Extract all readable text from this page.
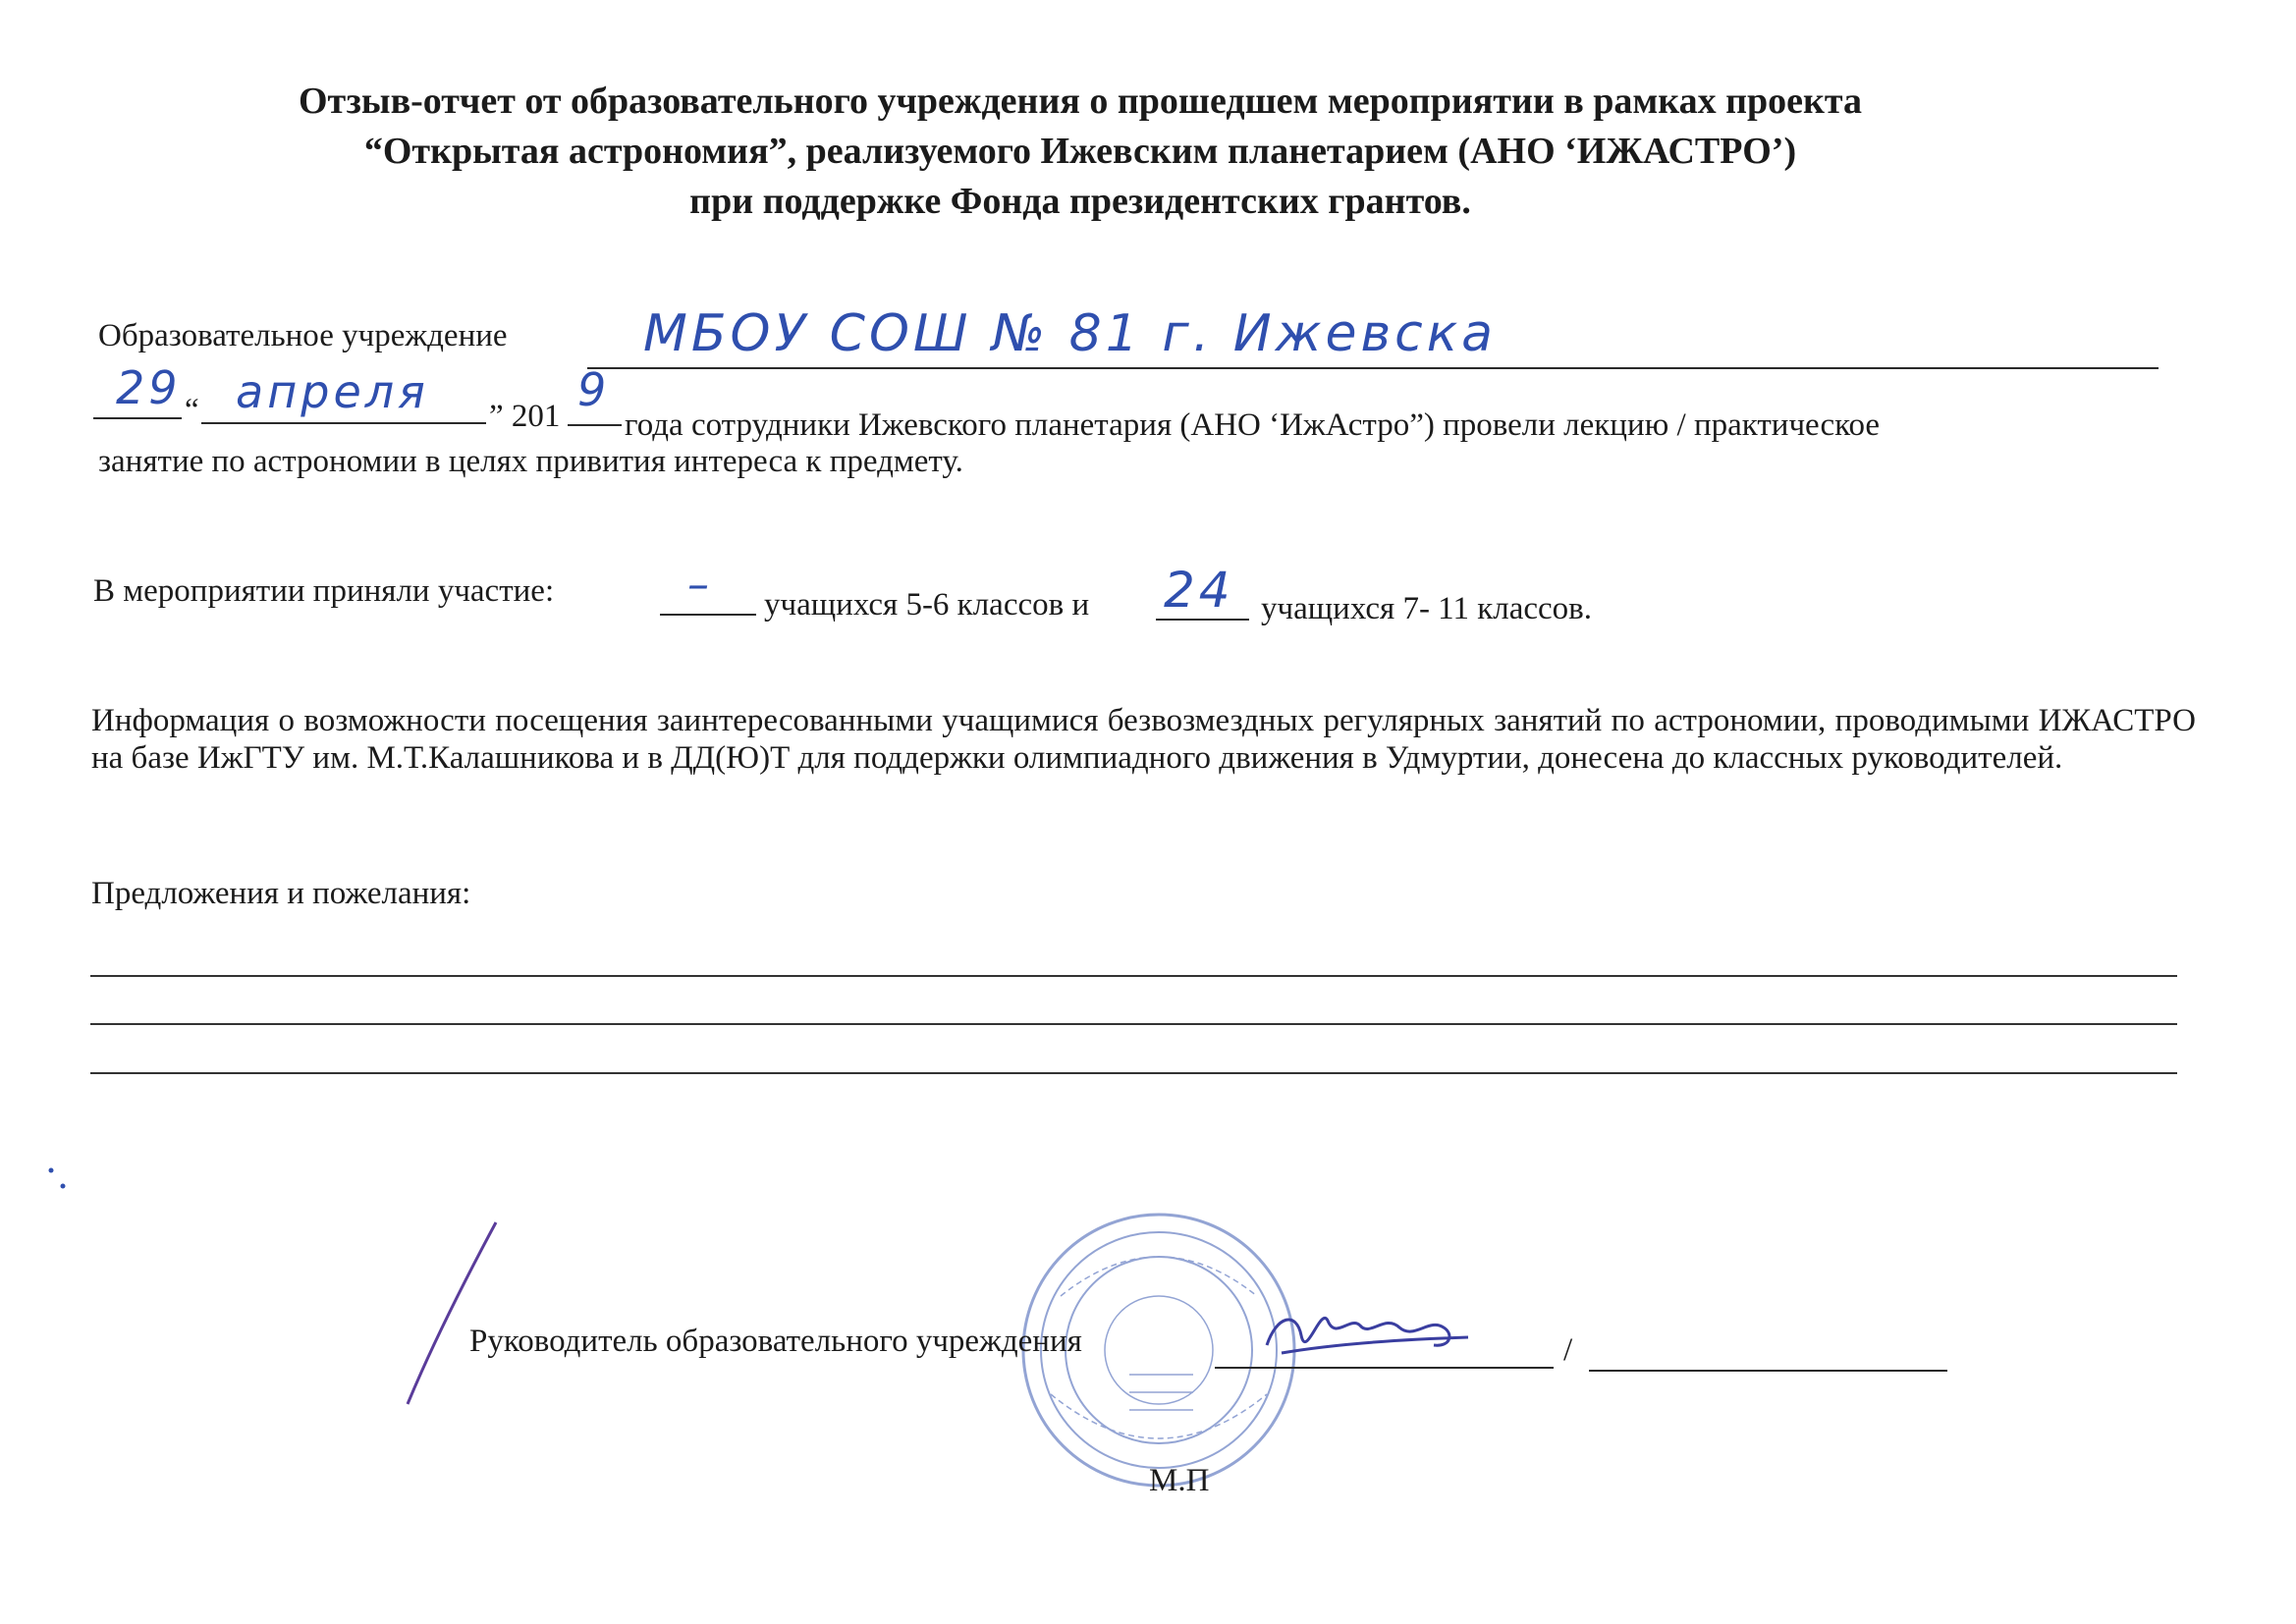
Отзыв-отчет от образовательного учреждения о прошедшем мероприятии в рамках проекта
“Открытая астрономия”, реализуемого Ижевским планетарием (АНО ‘ИЖАСТРО’)
при поддержке Фонда президентских грантов.
Образовательное учреждение	МБОУ СОШ № 81 г. Ижевска
29 “ апреля ” 201 9
года сотрудники Ижевского планетария (АНО ‘ИжАстро”) провели лекцию / практическое
занятие по астрономии в целях привития интереса к предмету.
В мероприятии приняли участие:	– учащихся 5-6 классов и 24 учащихся 7- 11 классов.
Информация о возможности посещения заинтересованными учащимися безвозмездных регулярных занятий по астрономии, проводимыми ИЖАСТРО на базе ИжГТУ им. М.Т.Калашникова и в ДД(Ю)Т для поддержки олимпиадного движения в Удмуртии, донесена до классных руководителей.
Предложения и пожелания:
Руководитель образовательного учреждения	/
М.П
